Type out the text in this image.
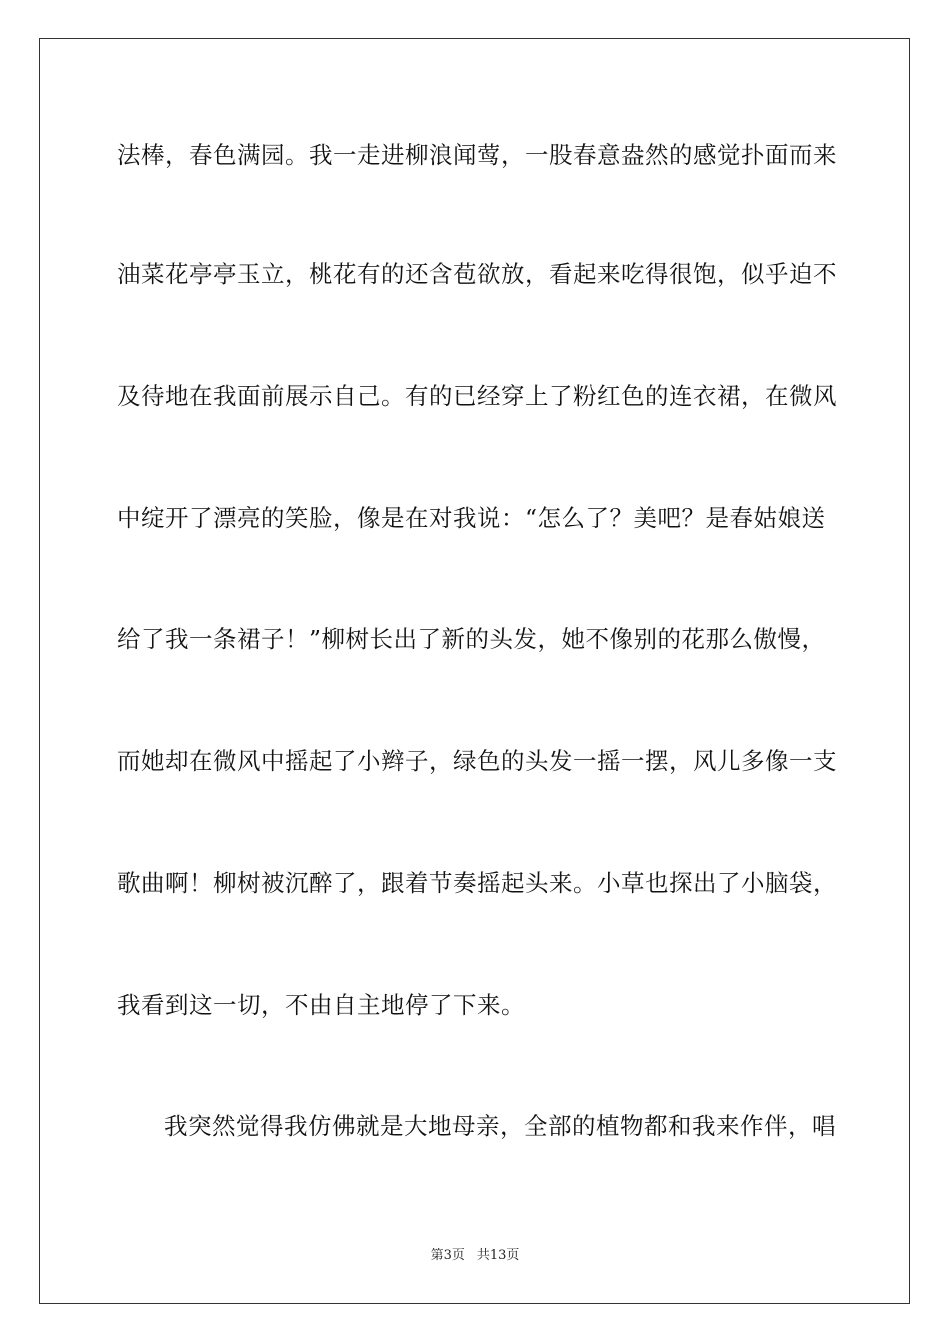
法棒，春色满园。我一走进柳浪闻莺，一股春意盎然的感觉扑面而来
油菜花亭亭玉立，桃花有的还含苞欲放，看起来吃得很饱，似乎迫不
及待地在我面前展示自己。有的已经穿上了粉红色的连衣裙，在微风
中绽开了漂亮的笑脸，像是在对我说：“怎么了？美吧？是春姑娘送
给了我一条裙子！”柳树长出了新的头发，她不像别的花那么傲慢，
而她却在微风中摇起了小辫子，绿色的头发一摇一摆，风儿多像一支
歌曲啊！柳树被沉醉了，跟着节奏摇起头来。小草也探出了小脑袋，
我看到这一切，不由自主地停了下来。
我突然觉得我仿佛就是大地母亲，全部的植物都和我来作伴，唱
第3页 共13页
